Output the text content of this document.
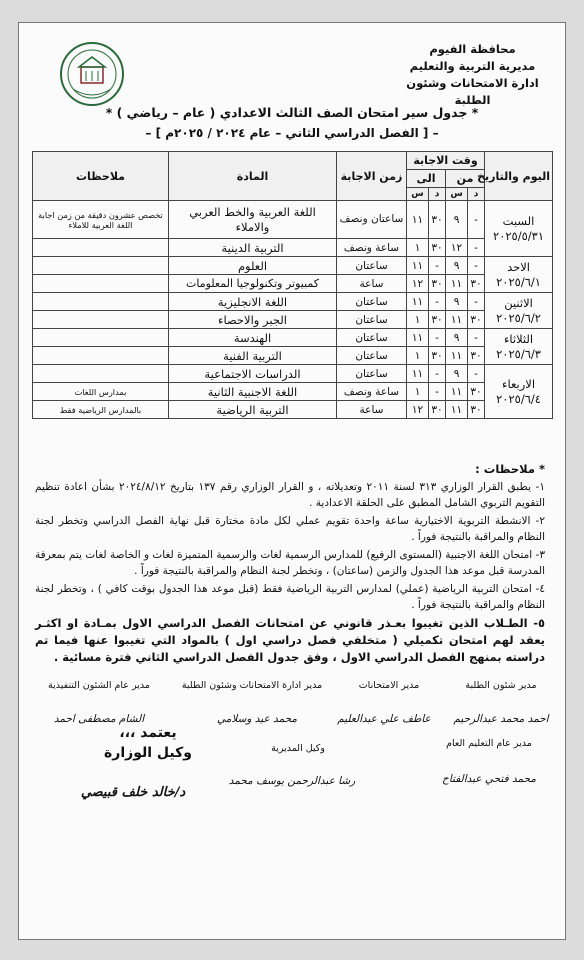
محافظة الفيوم
مديرية التربية والتعليم
ادارة الامتحانات وشئون الطلبة
* جدول سير امتحان الصف الثالث الاعدادي ( عام – رياضي ) *
– [ الفصل الدراسي الثاني – عام ٢٠٢٤ / ٢٠٢٥م ] –
اليوم والتاريخ	وقت الاجابة				زمن الاجابة	المادة	ملاحظات
	من		الى				
	د	س	د	س			

السبت
٢٠٢٥/٥/٣١	-	٩	٣٠	١١	ساعتان ونصف	اللغة العربية والخط العربي والاملاء	تخصص عشرون دقيقة من زمن اجابة اللغة العربية للاملاء
	-	١٢	٣٠	١	ساعة ونصف	التربية الدينية	

الاحد
٢٠٢٥/٦/١	-	٩	-	١١	ساعتان	العلوم	
	٣٠	١١	٣٠	١٢	ساعة	كمبيوتر وتكنولوجيا المعلومات	

الاثنين
٢٠٢٥/٦/٢	-	٩	-	١١	ساعتان	اللغة الانجليزية	
	٣٠	١١	٣٠	١	ساعتان	الجبر والاحصاء	

الثلاثاء
٢٠٢٥/٦/٣	-	٩	-	١١	ساعتان	الهندسة	
	٣٠	١١	٣٠	١	ساعتان	التربية الفنية	

الاربعاء
٢٠٢٥/٦/٤	-	٩	-	١١	ساعتان	الدراسات الاجتماعية	
	٣٠	١١	-	١	ساعة ونصف	اللغة الاجنبية الثانية	بمدارس اللغات
	٣٠	١١	٣٠	١٢	ساعة	التربية الرياضية	بالمدارس الرياضية فقط

* ملاحظات :

١- يطبق القرار الوزاري ٣١٣ لسنة ٢٠١١ وتعديلاته ، و القرار الوزاري رقم ١٣٧ بتاريخ ٢٠٢٤/٨/١٢ بشأن اعادة تنظيم التقويم التربوي الشامل المطبق على الحلقة الاعدادية .

٢- الانشطة التربوية الاختيارية ساعة واحدة تقويم عملي لكل مادة مختارة قبل نهاية الفصل الدراسي وتخطر لجنة النظام والمراقبة بالنتيجة فوراً .

٣- امتحان اللغة الاجنبية (المستوى الرفيع) للمدارس الرسمية لغات والرسمية المتميزة لغات و الخاصة لغات يتم بمعرفة المدرسة قبل موعد هذا الجدول والزمن (ساعتان) ، وتخطر لجنة النظام والمراقبة بالنتيجة فوراً .

٤- امتحان التربية الرياضية (عملي) لمدارس التربية الرياضية فقط (قبل موعد هذا الجدول بوقت كافي ) ، وتخطر لجنة النظام والمراقبة بالنتيجة فوراً .

٥- الطـلاب الذين تغيبوا بعـذر قانوني عن امتحانات الفصل الدراسي الاول بمـادة او اكثـر يعقد لهم امتحان تكميلي ( متخلفي فصل دراسي اول ) بالمواد التي تغيبوا عنها فيما تم دراسته بمنهج الفصل الدراسي الاول ، وفق جدول الفصل الدراسي الثاني فترة مسائية .

مدير شئون الطلبة
مدير الامتحانات
مدير ادارة الامتحانات وشئون الطلبة
مدير عام الشئون التنفيذية
احمد محمد عبدالرحيم
عاطف علي عبدالعليم
محمد عيد وسلامي
الشام مصطفى احمد
مدير عام التعليم العام
وكيل المديرية
محمد فتحي عبدالفتاح
رشا عبدالرحمن يوسف محمد
يعتمد ،،،
وكيل الوزارة
د/خالد خلف قبيصي
